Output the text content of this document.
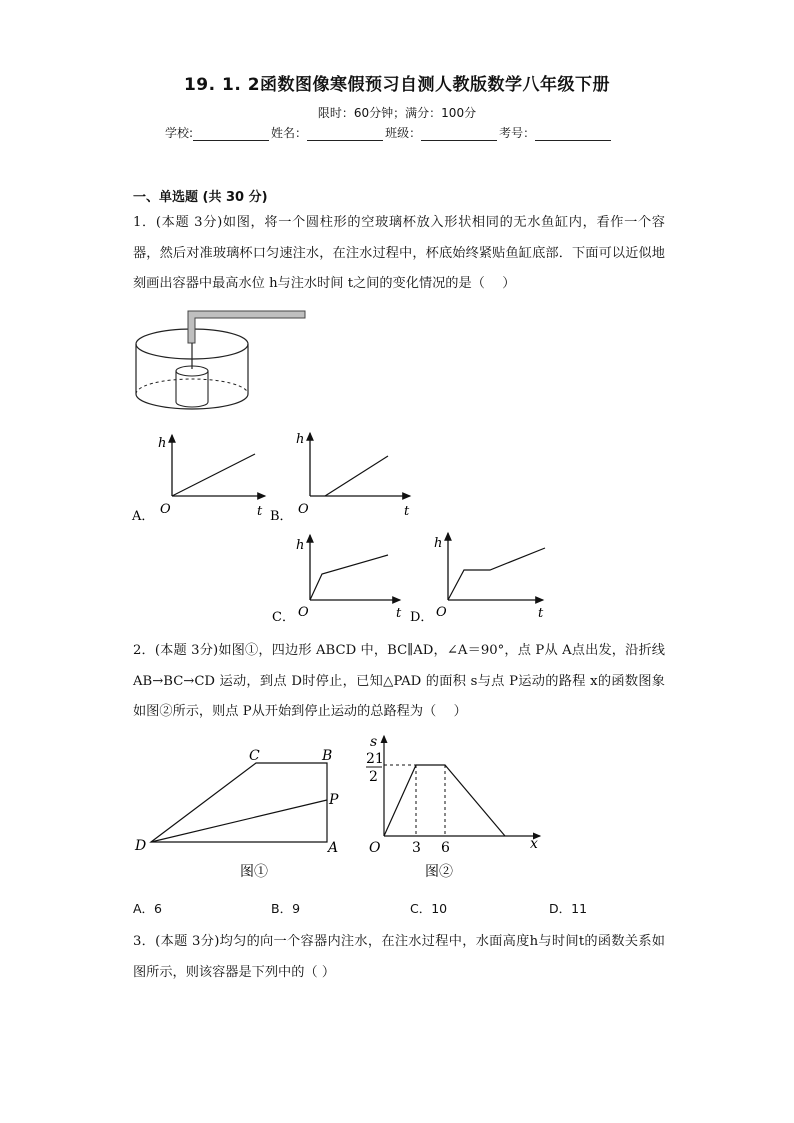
19. 1. 2函数图像寒假预习自测人教版数学八年级下册
限时：60分钟；满分：100分
学校:	姓名：	班级：	考号：
一、单选题 (共 30 分)
1．(本题 3分)如图，将一个圆柱形的空玻璃杯放入形状相同的无水鱼缸内，看作一个容器，然后对准玻璃杯口匀速注水，在注水过程中，杯底始终紧贴鱼缸底部．下面可以近似地刻画出容器中最高水位 h与注水时间 t之间的变化情况的是（　 ）
A．
h
O	t B．
h
O	t
C．
h
O	t D．
h
O	t
2．(本题 3分)如图①，四边形 ABCD 中，BC∥AD，∠A＝90°，点 P从 A点出发，沿折线 AB→BC→CD 运动，到点 D时停止，已知△PAD 的面积 s与点 P运动的路程 x的函数图象如图②所示，则点 P从开始到停止运动的总路程为（　 ）
C	B
P
D	A
图①
s
21
2
O 3 6	x
图②
A．6	B．9	C．10	D．11
3．(本题 3分)均匀的向一个容器内注水，在注水过程中，水面高度h与时间t的函数关系如图所示，则该容器是下列中的（ ）
